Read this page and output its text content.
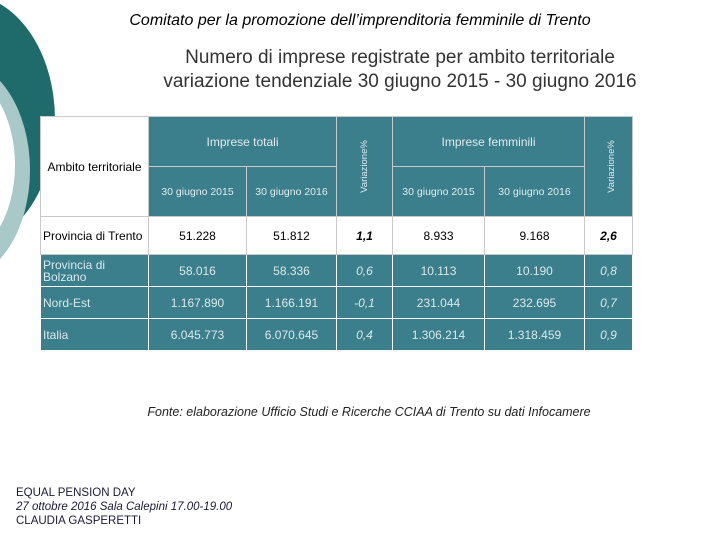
Comitato per la promozione dell’imprenditoria femminile di Trento
Numero di imprese registrate per ambito territoriale
variazione tendenziale 30 giugno 2015 - 30 giugno 2016
Ambito territoriale	Imprese totali		Variazione%	Imprese femminili		Variazione%
	30 giugno 2015	30 giugno 2016		30 giugno 2015	30 giugno 2016	
Provincia di Trento	51.228	51.812	1,1	8.933	9.168	2,6
Provincia di Bolzano	58.016	58.336	0,6	10.113	10.190	0,8
Nord-Est	1.167.890	1.166.191	-0,1	231.044	232.695	0,7
Italia	6.045.773	6.070.645	0,4	1.306.214	1.318.459	0,9
Fonte: elaborazione Ufficio Studi e Ricerche CCIAA di Trento su dati Infocamere
EQUAL PENSION DAY
27 ottobre 2016 Sala Calepini 17.00-19.00
CLAUDIA GASPERETTI
